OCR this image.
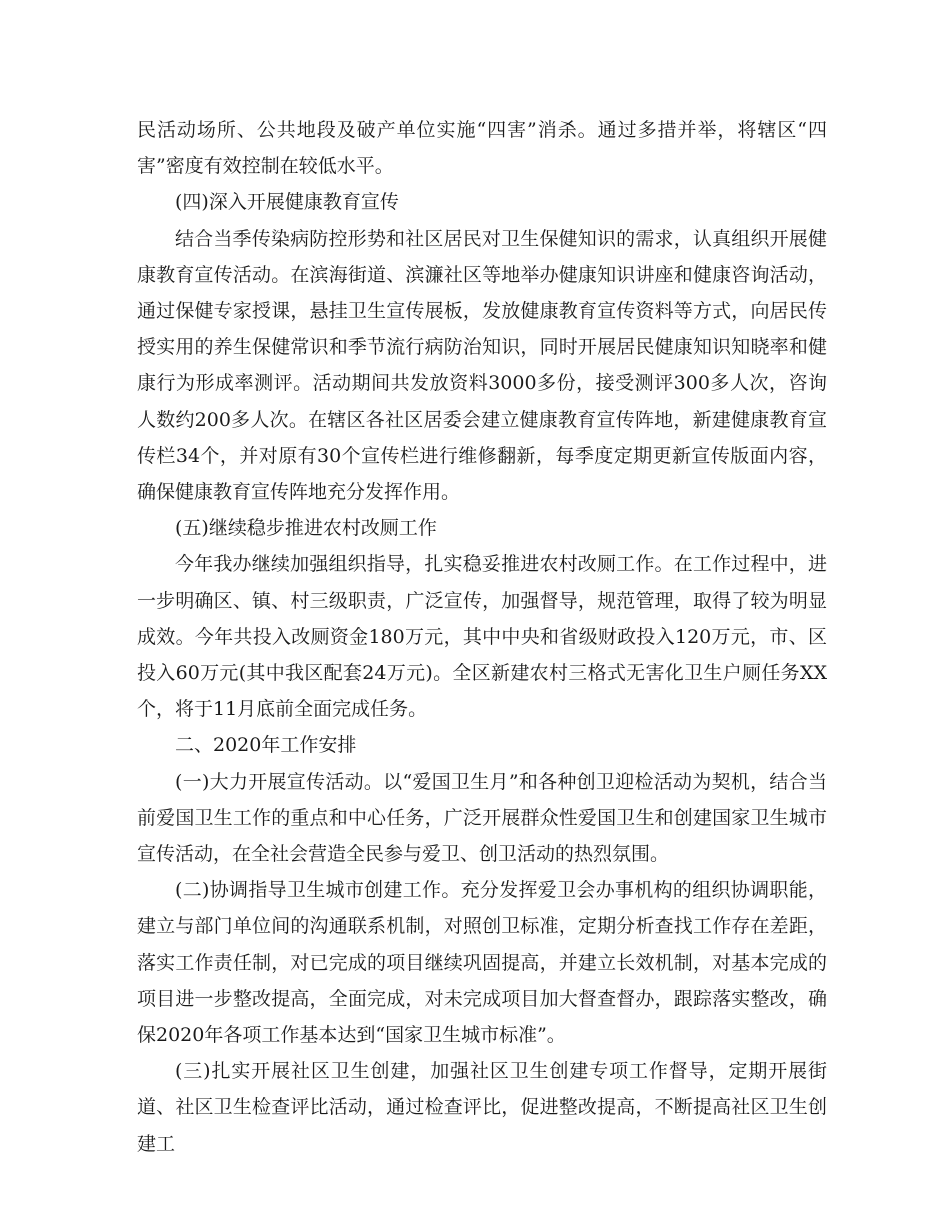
民活动场所、公共地段及破产单位实施“四害”消杀。通过多措并举，将辖区“四害”密度有效控制在较低水平。

(四)深入开展健康教育宣传

结合当季传染病防控形势和社区居民对卫生保健知识的需求，认真组织开展健康教育宣传活动。在滨海街道、滨濂社区等地举办健康知识讲座和健康咨询活动，通过保健专家授课，悬挂卫生宣传展板，发放健康教育宣传资料等方式，向居民传授实用的养生保健常识和季节流行病防治知识，同时开展居民健康知识知晓率和健康行为形成率测评。活动期间共发放资料3000多份，接受测评300多人次，咨询人数约200多人次。在辖区各社区居委会建立健康教育宣传阵地，新建健康教育宣传栏34个，并对原有30个宣传栏进行维修翻新，每季度定期更新宣传版面内容，确保健康教育宣传阵地充分发挥作用。

(五)继续稳步推进农村改厕工作

今年我办继续加强组织指导，扎实稳妥推进农村改厕工作。在工作过程中，进一步明确区、镇、村三级职责，广泛宣传，加强督导，规范管理，取得了较为明显成效。今年共投入改厕资金180万元，其中中央和省级财政投入120万元，市、区投入60万元(其中我区配套24万元)。全区新建农村三格式无害化卫生户厕任务XX个，将于11月底前全面完成任务。

二、2020年工作安排

(一)大力开展宣传活动。以“爱国卫生月”和各种创卫迎检活动为契机，结合当前爱国卫生工作的重点和中心任务，广泛开展群众性爱国卫生和创建国家卫生城市宣传活动，在全社会营造全民参与爱卫、创卫活动的热烈氛围。

(二)协调指导卫生城市创建工作。充分发挥爱卫会办事机构的组织协调职能，建立与部门单位间的沟通联系机制，对照创卫标准，定期分析查找工作存在差距，落实工作责任制，对已完成的项目继续巩固提高，并建立长效机制，对基本完成的项目进一步整改提高，全面完成，对未完成项目加大督查督办，跟踪落实整改，确保2020年各项工作基本达到“国家卫生城市标准”。

(三)扎实开展社区卫生创建，加强社区卫生创建专项工作督导，定期开展街道、社区卫生检查评比活动，通过检查评比，促进整改提高，不断提高社区卫生创建工
